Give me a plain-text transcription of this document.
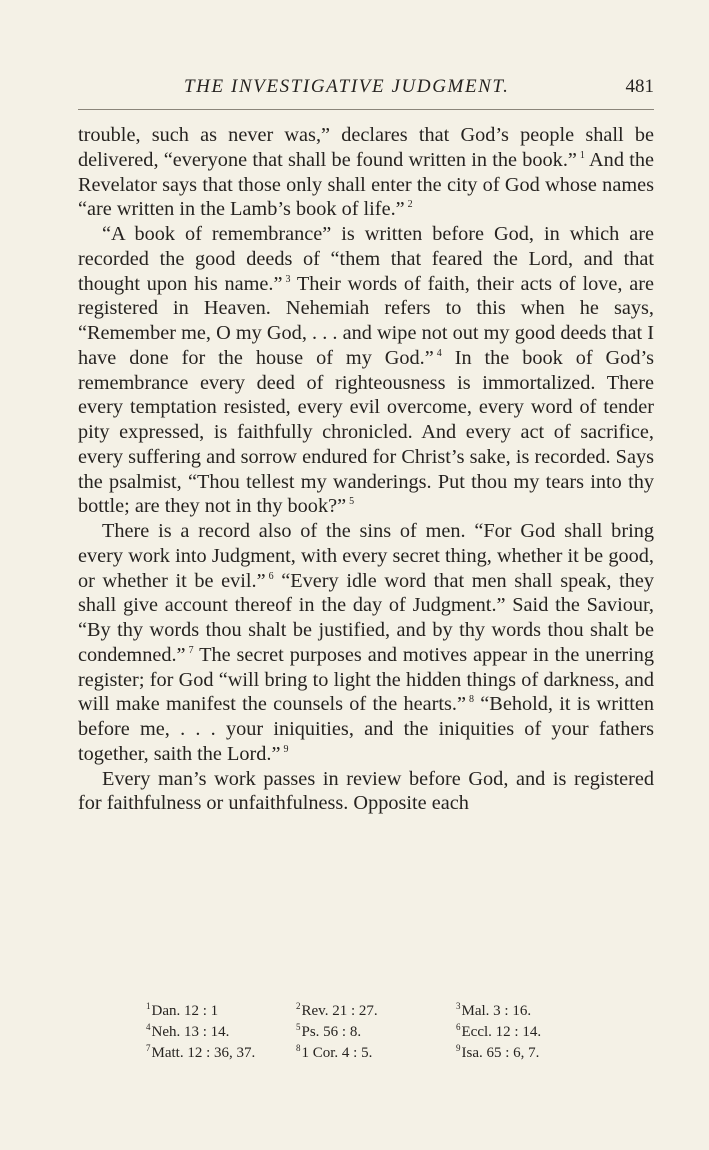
THE INVESTIGATIVE JUDGMENT.	481

trouble, such as never was,” declares that God’s people shall be delivered, “everyone that shall be found written in the book.” $^1$ And the Revelator says that those only shall enter the city of God whose names “are written in the Lamb’s book of life.” $^2$

“A book of remembrance” is written before God, in which are recorded the good deeds of “them that feared the Lord, and that thought upon his name.” $^3$ Their words of faith, their acts of love, are registered in Heaven. Nehemiah refers to this when he says, “Remember me, O my God, . . . and wipe not out my good deeds that I have done for the house of my God.” $^4$ In the book of God’s remembrance every deed of righteousness is immortalized. There every temptation resisted, every evil overcome, every word of tender pity expressed, is faithfully chronicled. And every act of sacrifice, every suffering and sorrow endured for Christ’s sake, is recorded. Says the psalmist, “Thou tellest my wanderings. Put thou my tears into thy bottle; are they not in thy book?” $^5$

There is a record also of the sins of men. “For God shall bring every work into Judgment, with every secret thing, whether it be good, or whether it be evil.” $^6$ “Every idle word that men shall speak, they shall give account thereof in the day of Judgment.” Said the Saviour, “By thy words thou shalt be justified, and by thy words thou shalt be condemned.” $^7$ The secret purposes and motives appear in the unerring register; for God “will bring to light the hidden things of darkness, and will make manifest the counsels of the hearts.” $^8$ “Behold, it is written before me, . . . your iniquities, and the iniquities of your fathers together, saith the Lord.” $^9$

Every man’s work passes in review before God, and is registered for faithfulness or unfaithfulness. Opposite each

$^1$Dan. 12 : 1	$^2$Rev. 21 : 27.	$^3$Mal. 3 : 16.
$^4$Neh. 13 : 14.	$^5$Ps. 56 : 8.	$^6$Eccl. 12 : 14.
$^7$Matt. 12 : 36, 37.	$^8$1 Cor. 4 : 5.	$^9$Isa. 65 : 6, 7.
